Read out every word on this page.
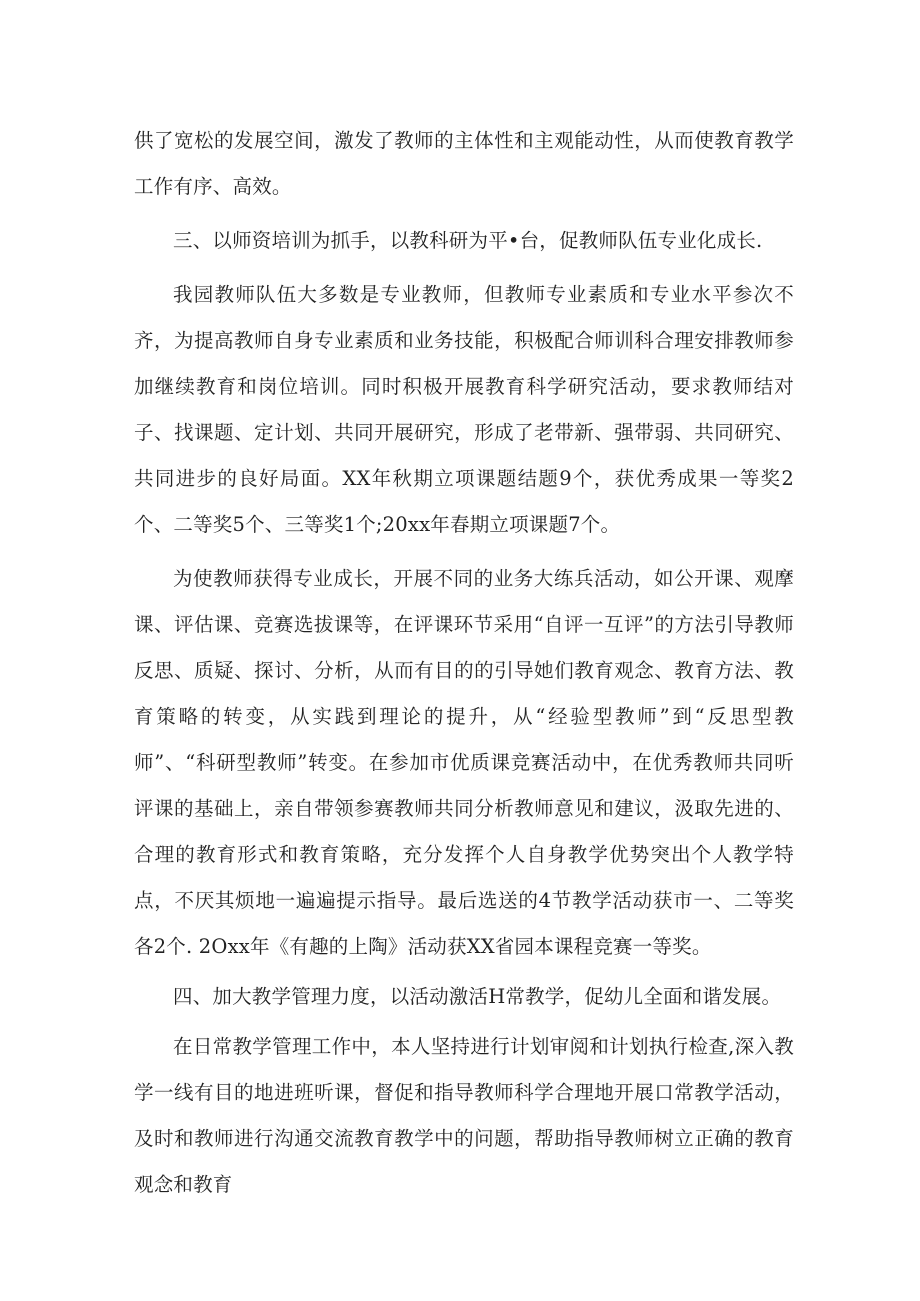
供了宽松的发展空间，激发了教师的主体性和主观能动性，从而使教育教学工作有序、高效。

三、以师资培训为抓手，以教科研为平•台，促教师队伍专业化成长.

我园教师队伍大多数是专业教师，但教师专业素质和专业水平参次不齐，为提高教师自身专业素质和业务技能，积极配合师训科合理安排教师参加继续教育和岗位培训。同时积极开展教育科学研究活动，要求教师结对子、找课题、定计划、共同开展研究，形成了老带新、强带弱、共同研究、共同进步的良好局面。XX年秋期立项课题结题9个，获优秀成果一等奖2个、二等奖5个、三等奖1个;20xx年春期立项课题7个。

为使教师获得专业成长，开展不同的业务大练兵活动，如公开课、观摩课、评估课、竞赛选拔课等，在评课环节采用“自评一互评”的方法引导教师反思、质疑、探讨、分析，从而有目的的引导她们教育观念、教育方法、教育策略的转变，从实践到理论的提升，从“经验型教师”到“反思型教师”、“科研型教师”转变。在参加市优质课竞赛活动中，在优秀教师共同听评课的基础上，亲自带领参赛教师共同分析教师意见和建议，汲取先进的、合理的教育形式和教育策略，充分发挥个人自身教学优势突出个人教学特点，不厌其烦地一遍遍提示指导。最后选送的4节教学活动获市一、二等奖各2个. 2Oxx年《有趣的上陶》活动获XX省园本课程竞赛一等奖。

四、加大教学管理力度，以活动激活H常教学，促幼儿全面和谐发展。

在日常教学管理工作中，本人坚持进行计划审阅和计划执行检查,深入教学一线有目的地进班听课，督促和指导教师科学合理地开展口常教学活动，及时和教师进行沟通交流教育教学中的问题，帮助指导教师树立正确的教育观念和教育
